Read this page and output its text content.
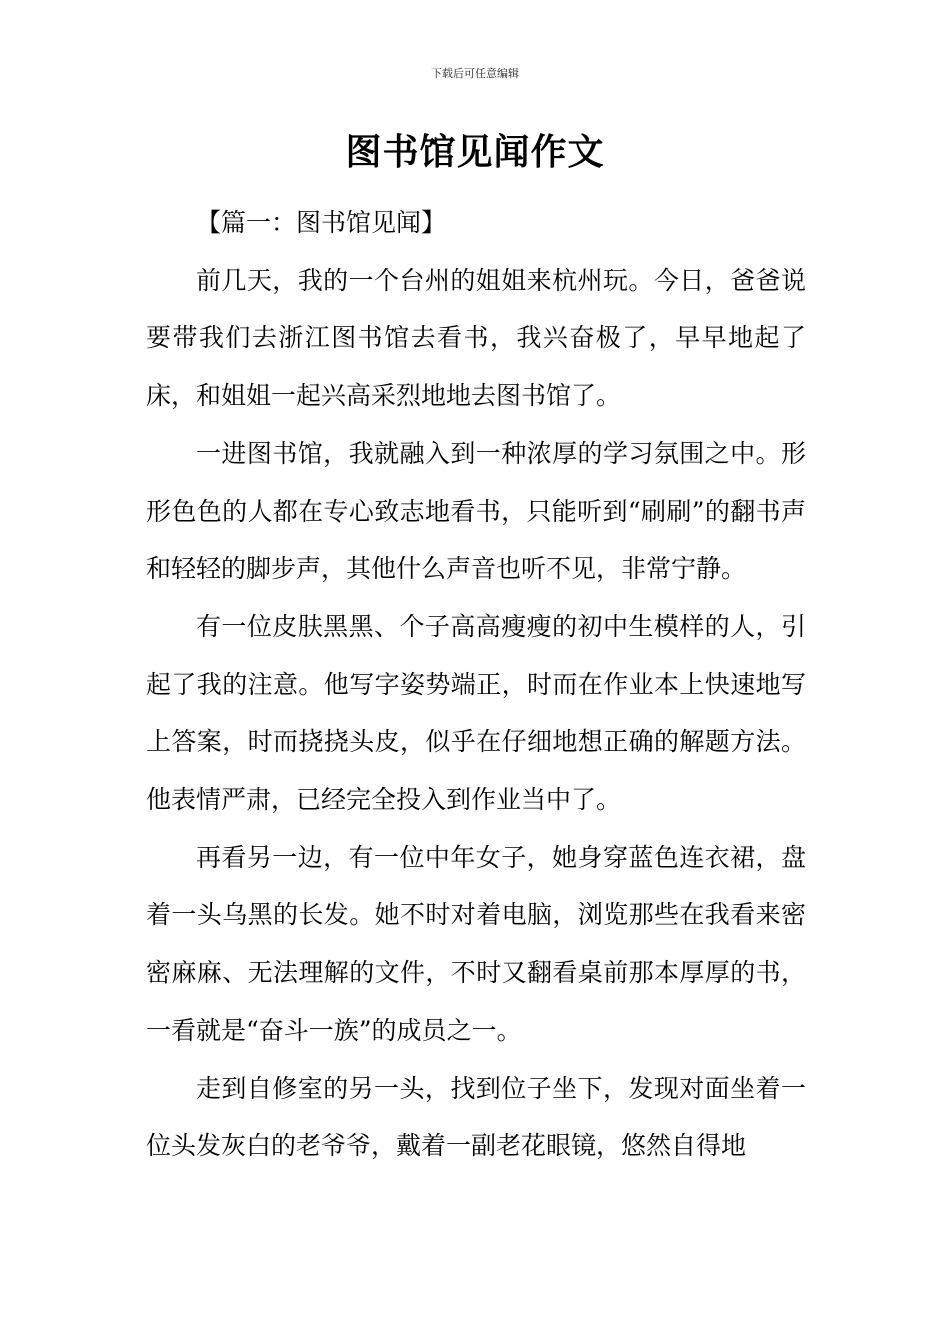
下载后可任意编辑
图书馆见闻作文

【篇一：图书馆见闻】

前几天，我的一个台州的姐姐来杭州玩。今日，爸爸说要带我们去浙江图书馆去看书，我兴奋极了，早早地起了床，和姐姐一起兴高采烈地地去图书馆了。

一进图书馆，我就融入到一种浓厚的学习氛围之中。形形色色的人都在专心致志地看书，只能听到“刷刷”的翻书声和轻轻的脚步声，其他什么声音也听不见，非常宁静。

有一位皮肤黑黑、个子高高瘦瘦的初中生模样的人，引起了我的注意。他写字姿势端正，时而在作业本上快速地写上答案，时而挠挠头皮，似乎在仔细地想正确的解题方法。他表情严肃，已经完全投入到作业当中了。

再看另一边，有一位中年女子，她身穿蓝色连衣裙，盘着一头乌黑的长发。她不时对着电脑，浏览那些在我看来密密麻麻、无法理解的文件，不时又翻看桌前那本厚厚的书，一看就是“奋斗一族”的成员之一。

走到自修室的另一头，找到位子坐下，发现对面坐着一位头发灰白的老爷爷，戴着一副老花眼镜，悠然自得地
